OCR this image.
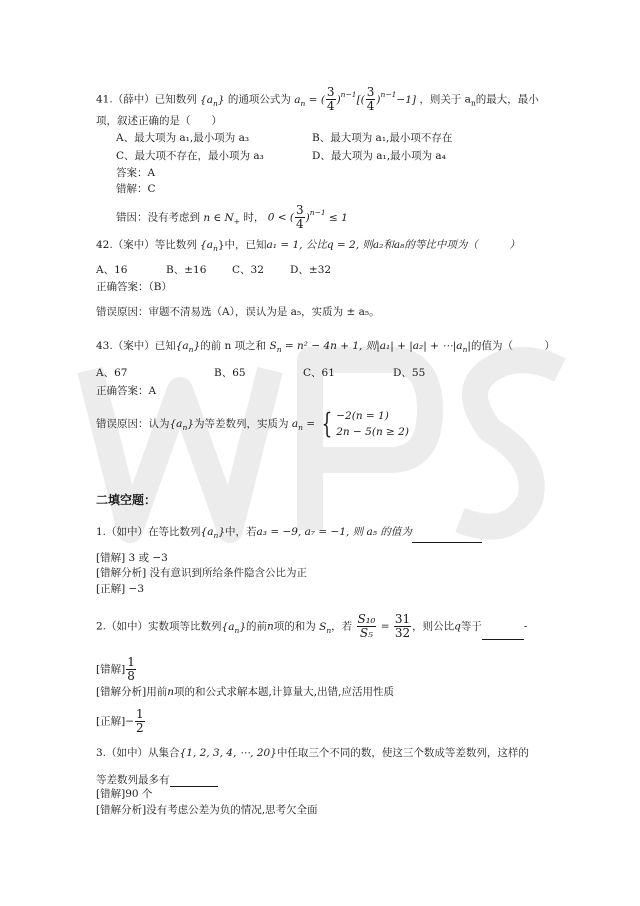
41.（薛中）已知数列 $\{a_n\}$ 的通项公式为 $a_n$ = ( $\frac{3}{4} )^{n-1}[( \frac{3}{4} )^{n-1}-1]$ ，则关于 $a_n$的最大，最小
项，叙述正确的是（　　）
A、最大项为 a₁,最小项为 a₃	B、最大项为 a₁,最小项不存在
C、最大项不存在，最小项为 a₃	D、最大项为 a₁,最小项为 a₄
答案：A
错解：C
错因：没有考虑到 n ∈ $N_+$ 时， 0 < ( $\frac{3}{4} )^{n-1} \le 1$
42.（案中）等比数列 $\{a_n\}$中，已知a₁ = 1, 公比q = 2, 则a₂和a₈的等比中项为（　　　）
A、16	B、±16 C、32 D、±32
正确答案：（B）
错误原因：审题不清易选（A），误认为是 a₅，实质为 ± a₅。
43.（案中）已知$\{a_n\}$的前 n 项之和 $S_n = n^2 - 4n + 1$, 则$|a_1| + |a_2| + \cdots|a_n|$的值为（　　　）
A、67	B、65	C、61	D、55
正确答案：A
错误原因：认为$\{a_n\}$为等差数列，实质为 $a_n$ = { −2(n = 1)
2n − 5(n ≥ 2)
二填空题：
1.（如中）在等比数列$\{a_n\}$中，若a₃ = −9, a₇ = −1, 则 a₅ 的值为
[错解] 3 或 −3
[错解分析] 没有意识到所给条件隐含公比为正
[正解] −3
2.（如中）实数项等比数列$\{a_n\}$的前n项的和为 $S_n$，若 $\frac{\text{S₁₀}}{\text{S₅}} = \frac{31}{32}$ ，则公比q等于	-
[错解] $\frac{1}{8}$
[错解分析]用前n项的和公式求解本题,计算量大,出错,应活用性质
[正解]− $\frac{1}{2}$
3.（如中）从集合{1, 2, 3, 4, ⋯, 20}中任取三个不同的数，使这三个数成等差数列，这样的
等差数列最多有
[错解]90 个
[错解分析]没有考虑公差为负的情况,思考欠全面
